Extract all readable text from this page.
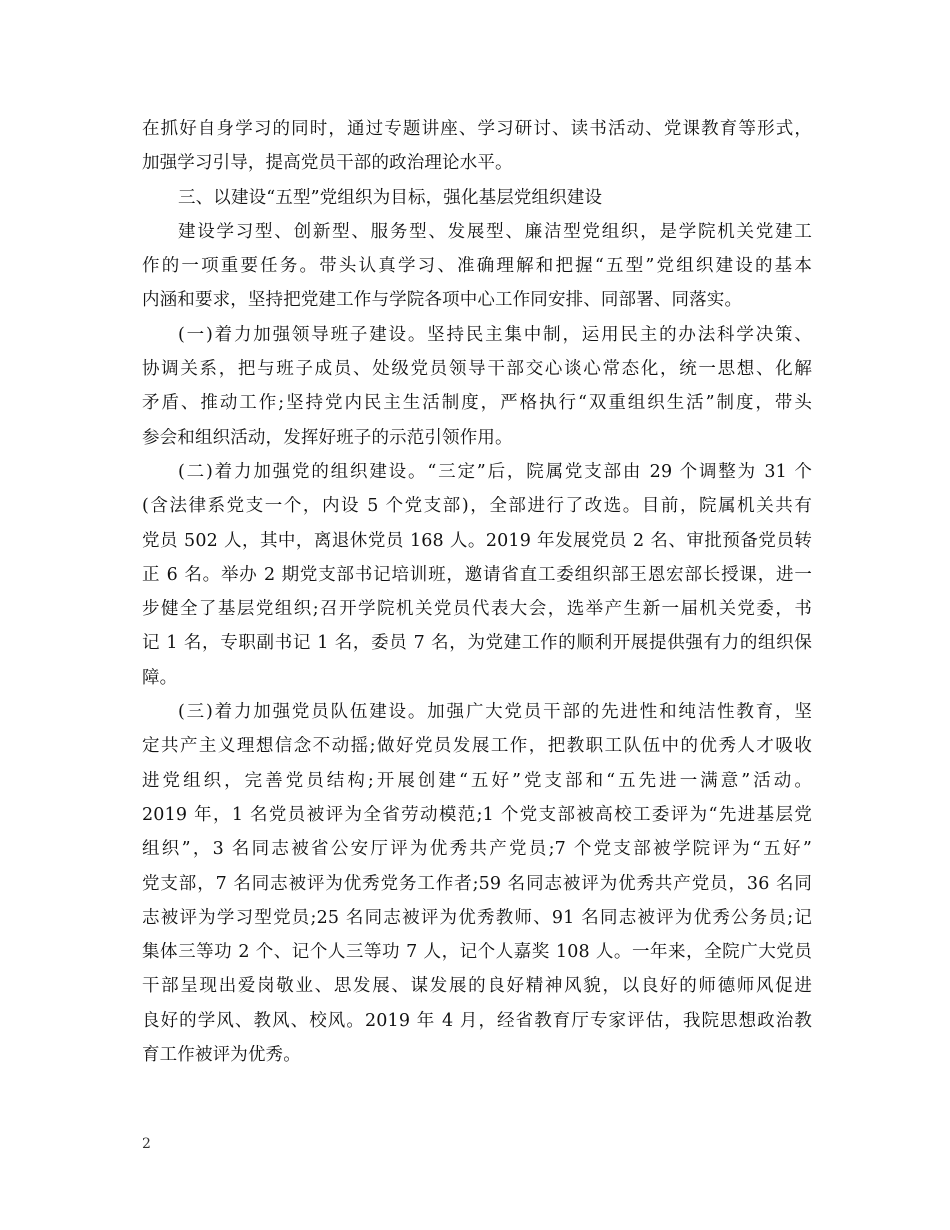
在抓好自身学习的同时，通过专题讲座、学习研讨、读书活动、党课教育等形式，
加强学习引导，提高党员干部的政治理论水平。
三、以建设“五型”党组织为目标，强化基层党组织建设
建设学习型、创新型、服务型、发展型、廉洁型党组织，是学院机关党建工
作的一项重要任务。带头认真学习、准确理解和把握“五型”党组织建设的基本
内涵和要求，坚持把党建工作与学院各项中心工作同安排、同部署、同落实。
(一)着力加强领导班子建设。坚持民主集中制，运用民主的办法科学决策、
协调关系，把与班子成员、处级党员领导干部交心谈心常态化，统一思想、化解
矛盾、推动工作;坚持党内民主生活制度，严格执行“双重组织生活”制度，带头
参会和组织活动，发挥好班子的示范引领作用。
(二)着力加强党的组织建设。“三定”后，院属党支部由 29 个调整为 31 个
(含法律系党支一个，内设 5 个党支部)，全部进行了改选。目前，院属机关共有
党员 502 人，其中，离退休党员 168 人。2019 年发展党员 2 名、审批预备党员转
正 6 名。举办 2 期党支部书记培训班，邀请省直工委组织部王恩宏部长授课，进一
步健全了基层党组织;召开学院机关党员代表大会，选举产生新一届机关党委，书
记 1 名，专职副书记 1 名，委员 7 名，为党建工作的顺利开展提供强有力的组织保
障。
(三)着力加强党员队伍建设。加强广大党员干部的先进性和纯洁性教育，坚
定共产主义理想信念不动摇;做好党员发展工作，把教职工队伍中的优秀人才吸收
进党组织，完善党员结构;开展创建“五好”党支部和“五先进一满意”活动。
2019 年，1 名党员被评为全省劳动模范;1 个党支部被高校工委评为“先进基层党
组织”，3 名同志被省公安厅评为优秀共产党员;7 个党支部被学院评为“五好”
党支部，7 名同志被评为优秀党务工作者;59 名同志被评为优秀共产党员，36 名同
志被评为学习型党员;25 名同志被评为优秀教师、91 名同志被评为优秀公务员;记
集体三等功 2 个、记个人三等功 7 人，记个人嘉奖 108 人。一年来，全院广大党员
干部呈现出爱岗敬业、思发展、谋发展的良好精神风貌，以良好的师德师风促进
良好的学风、教风、校风。2019 年 4 月，经省教育厅专家评估，我院思想政治教
育工作被评为优秀。
2
